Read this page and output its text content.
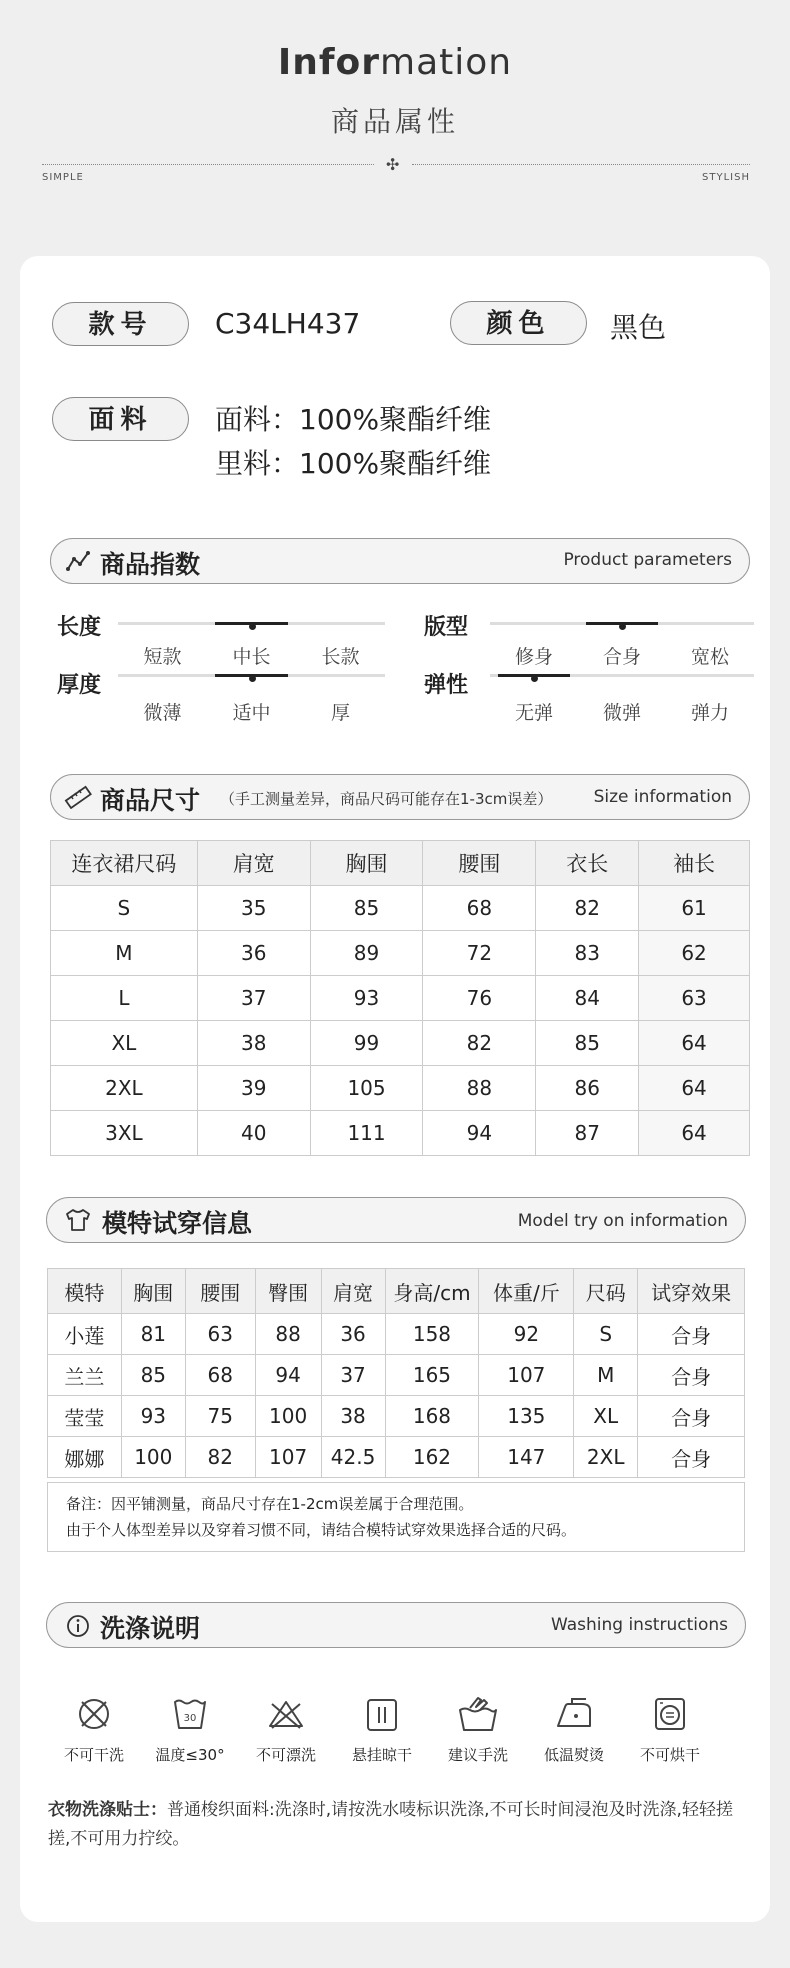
Information
商品属性
✣
SIMPLE	STYLISH
款号	C34LH437	颜色	黑色
面料	面料：100%聚酯纤维
里料：100%聚酯纤维
商品指数	Product parameters
长度
短款	中长	长款
版型
修身	合身	宽松
厚度
微薄	适中	厚
弹性
无弹	微弹	弹力
商品尺寸 （手工测量差异，商品尺码可能存在1-3cm误差） Size information
连衣裙尺码	肩宽	胸围	腰围	衣长	袖长
S	35	85	68	82	61
M	36	89	72	83	62
L	37	93	76	84	63
XL	38	99	82	85	64
2XL	39	105	88	86	64
3XL	40	111	94	87	64
模特试穿信息	Model try on information
模特	胸围	腰围	臀围	肩宽	身高/cm	体重/斤	尺码	试穿效果
小莲	81	63	88	36	158	92	S	合身
兰兰	85	68	94	37	165	107	M	合身
莹莹	93	75	100	38	168	135	XL	合身
娜娜	100	82	107	42.5	162	147	2XL	合身
备注：因平铺测量，商品尺寸存在1-2cm误差属于合理范围。
由于个人体型差异以及穿着习惯不同，请结合模特试穿效果选择合适的尺码。
洗涤说明	Washing instructions
不可干洗
30
温度≤30°	不可漂洗	悬挂晾干	建议手洗	低温熨烫	不可烘干
衣物洗涤贴士：普通梭织面料:洗涤时,请按洗水唛标识洗涤,不可长时间浸泡及时洗涤,轻轻搓搓,不可用力拧绞。
